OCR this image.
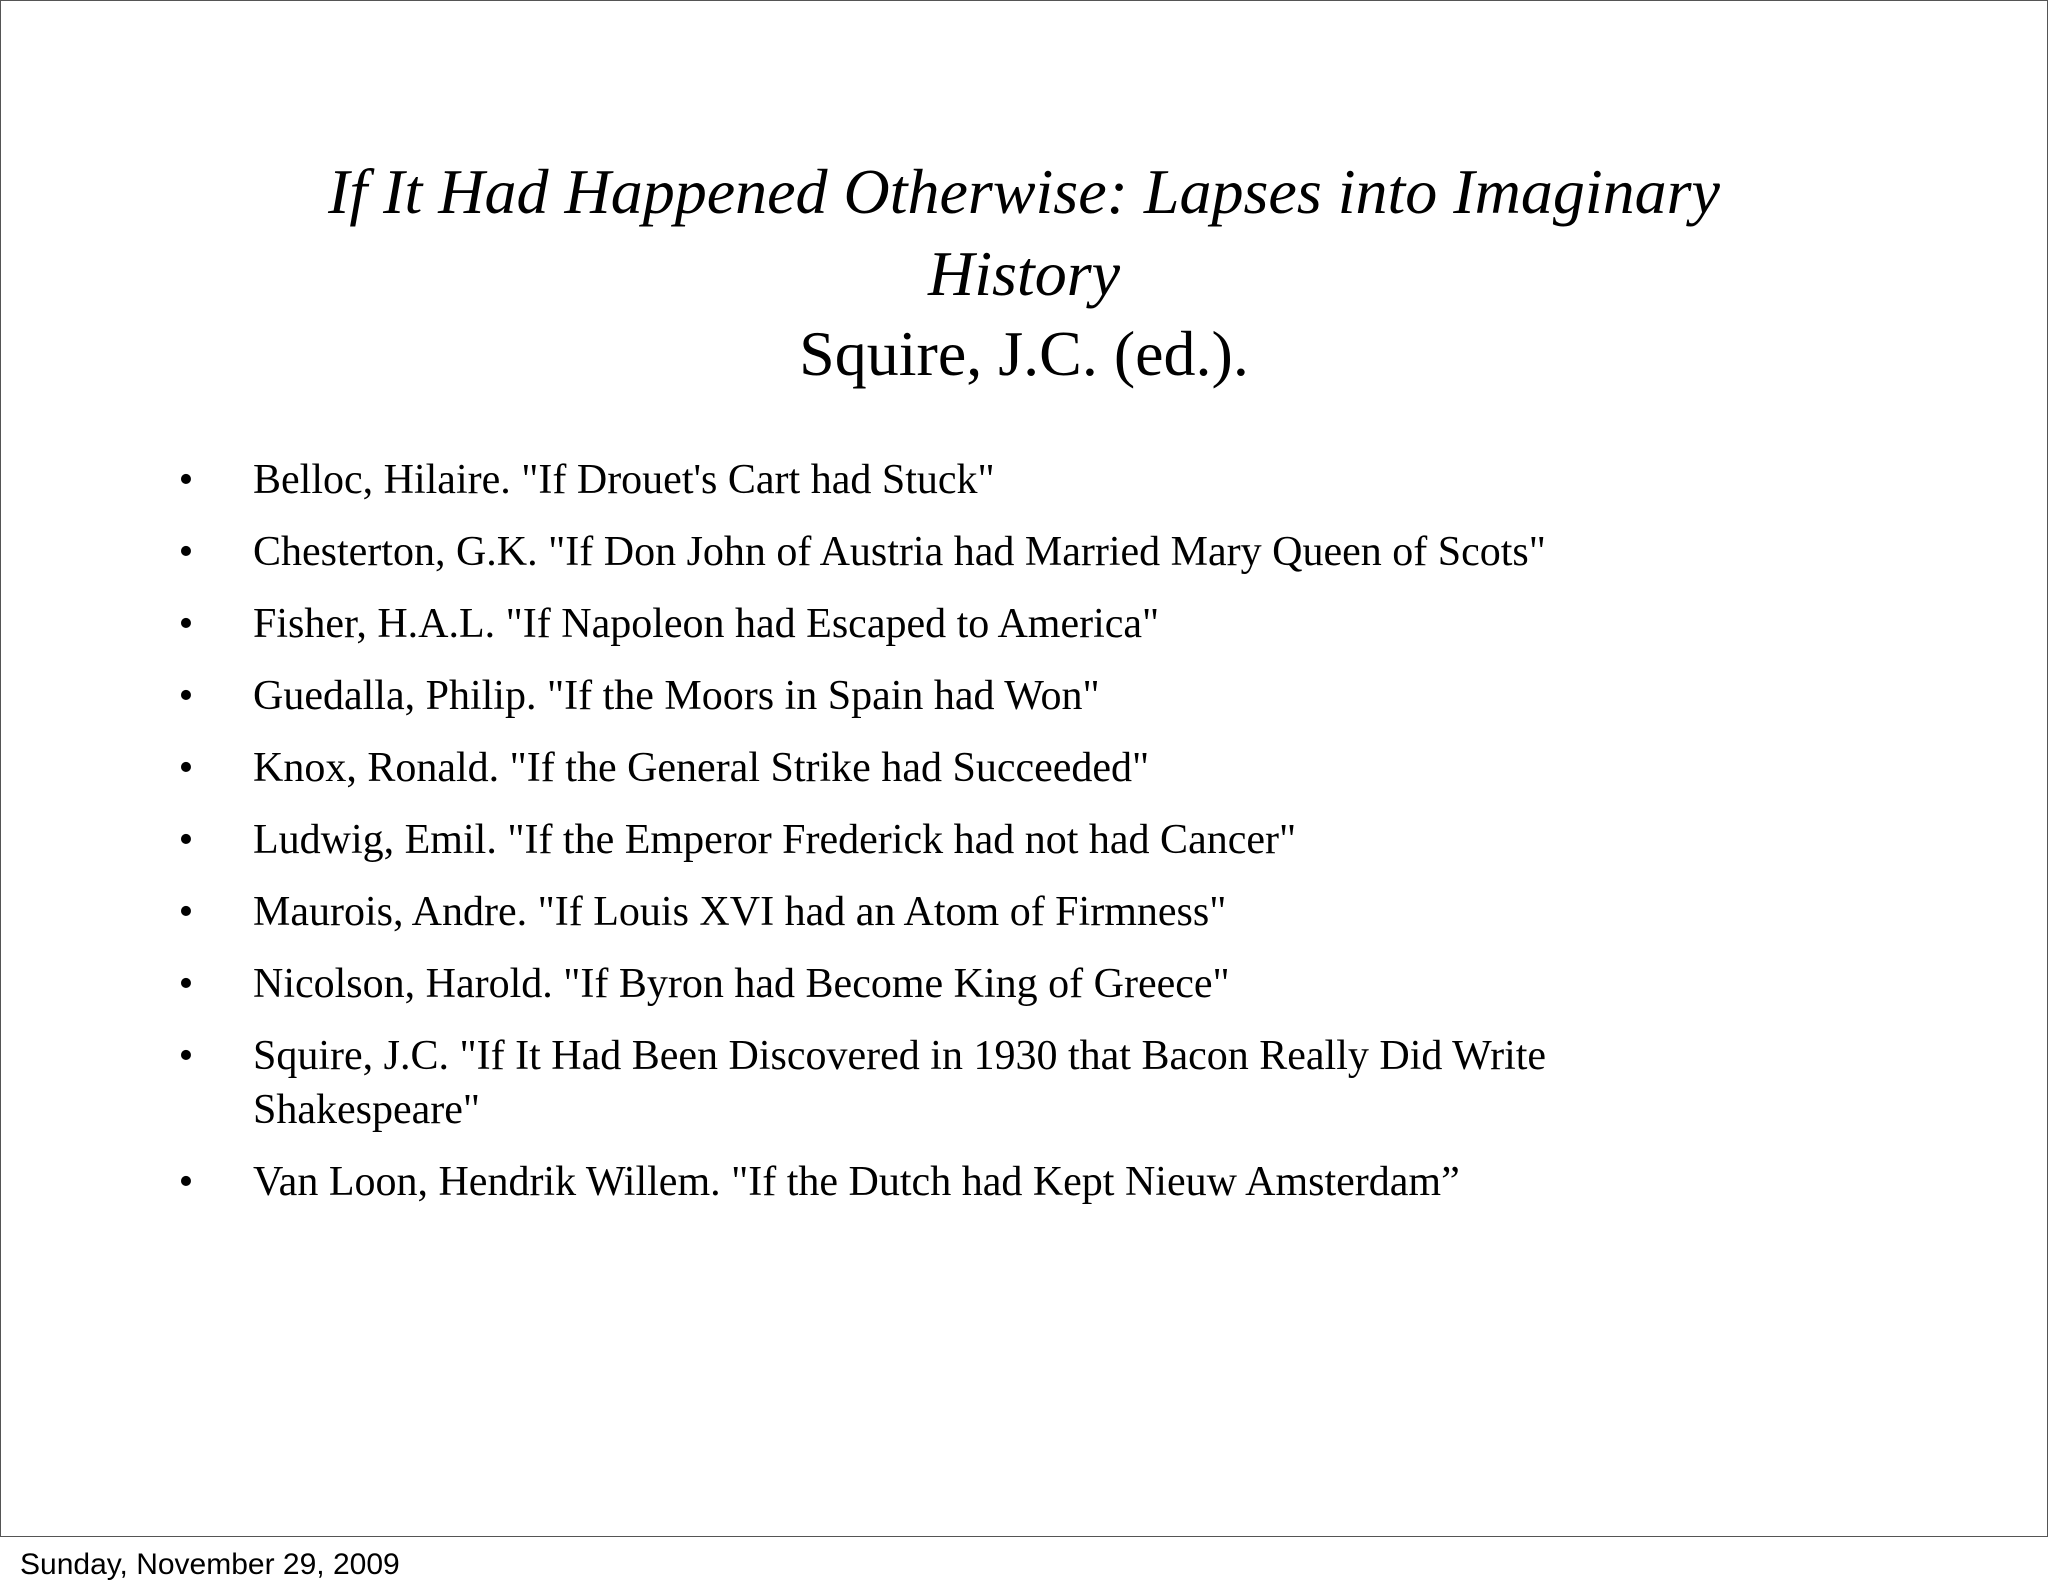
If It Had Happened Otherwise: Lapses into Imaginary History
Squire, J.C. (ed.).
• Belloc, Hilaire. "If Drouet's Cart had Stuck"
• Chesterton, G.K. "If Don John of Austria had Married Mary Queen of Scots"
• Fisher, H.A.L. "If Napoleon had Escaped to America"
• Guedalla, Philip. "If the Moors in Spain had Won"
• Knox, Ronald. "If the General Strike had Succeeded"
• Ludwig, Emil. "If the Emperor Frederick had not had Cancer"
• Maurois, Andre. "If Louis XVI had an Atom of Firmness"
• Nicolson, Harold. "If Byron had Become King of Greece"
• Squire, J.C. "If It Had Been Discovered in 1930 that Bacon Really Did Write Shakespeare"
• Van Loon, Hendrik Willem. "If the Dutch had Kept Nieuw Amsterdam”
Sunday, November 29, 2009
